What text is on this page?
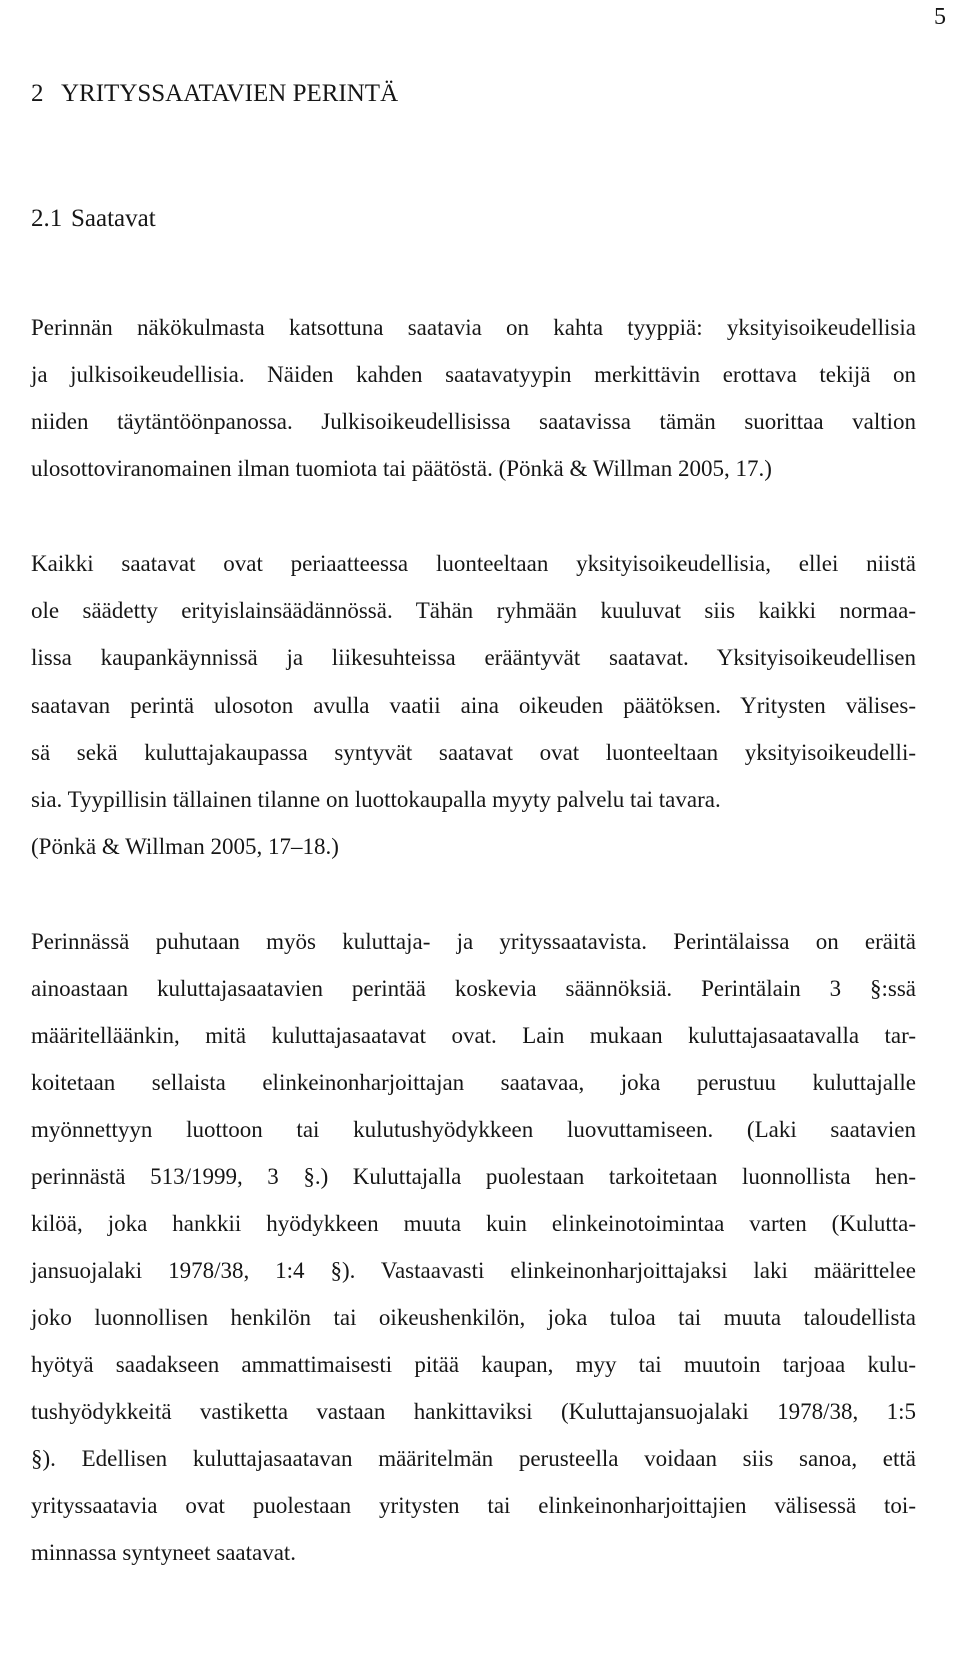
5
2 YRITYSSAATAVIEN PERINTÄ
2.1 Saatavat
Perinnän näkökulmasta katsottuna saatavia on kahta tyyppiä: yksityisoikeudellisia
ja julkisoikeudellisia. Näiden kahden saatavatyypin merkittävin erottava tekijä on
niiden täytäntöönpanossa. Julkisoikeudellisissa saatavissa tämän suorittaa valtion
ulosottoviranomainen ilman tuomiota tai päätöstä. (Pönkä & Willman 2005, 17.)
Kaikki saatavat ovat periaatteessa luonteeltaan yksityisoikeudellisia, ellei niistä
ole säädetty erityislainsäädännössä. Tähän ryhmään kuuluvat siis kaikki normaa-
lissa kaupankäynnissä ja liikesuhteissa erääntyvät saatavat. Yksityisoikeudellisen
saatavan perintä ulosoton avulla vaatii aina oikeuden päätöksen. Yritysten välises-
sä sekä kuluttajakaupassa syntyvät saatavat ovat luonteeltaan yksityisoikeudelli-
sia. Tyypillisin tällainen tilanne on luottokaupalla myyty palvelu tai tavara.
(Pönkä & Willman 2005, 17–18.)
Perinnässä puhutaan myös kuluttaja- ja yrityssaatavista. Perintälaissa on eräitä
ainoastaan kuluttajasaatavien perintää koskevia säännöksiä. Perintälain 3 §:ssä
määritelläänkin, mitä kuluttajasaatavat ovat. Lain mukaan kuluttajasaatavalla tar-
koitetaan sellaista elinkeinonharjoittajan saatavaa, joka perustuu kuluttajalle
myönnettyyn luottoon tai kulutushyödykkeen luovuttamiseen. (Laki saatavien
perinnästä 513/1999, 3 §.) Kuluttajalla puolestaan tarkoitetaan luonnollista hen-
kilöä, joka hankkii hyödykkeen muuta kuin elinkeinotoimintaa varten (Kulutta-
jansuojalaki 1978/38, 1:4 §). Vastaavasti elinkeinonharjoittajaksi laki määrittelee
joko luonnollisen henkilön tai oikeushenkilön, joka tuloa tai muuta taloudellista
hyötyä saadakseen ammattimaisesti pitää kaupan, myy tai muutoin tarjoaa kulu-
tushyödykkeitä vastiketta vastaan hankittaviksi (Kuluttajansuojalaki 1978/38, 1:5
§). Edellisen kuluttajasaatavan määritelmän perusteella voidaan siis sanoa, että
yrityssaatavia ovat puolestaan yritysten tai elinkeinonharjoittajien välisessä toi-
minnassa syntyneet saatavat.
